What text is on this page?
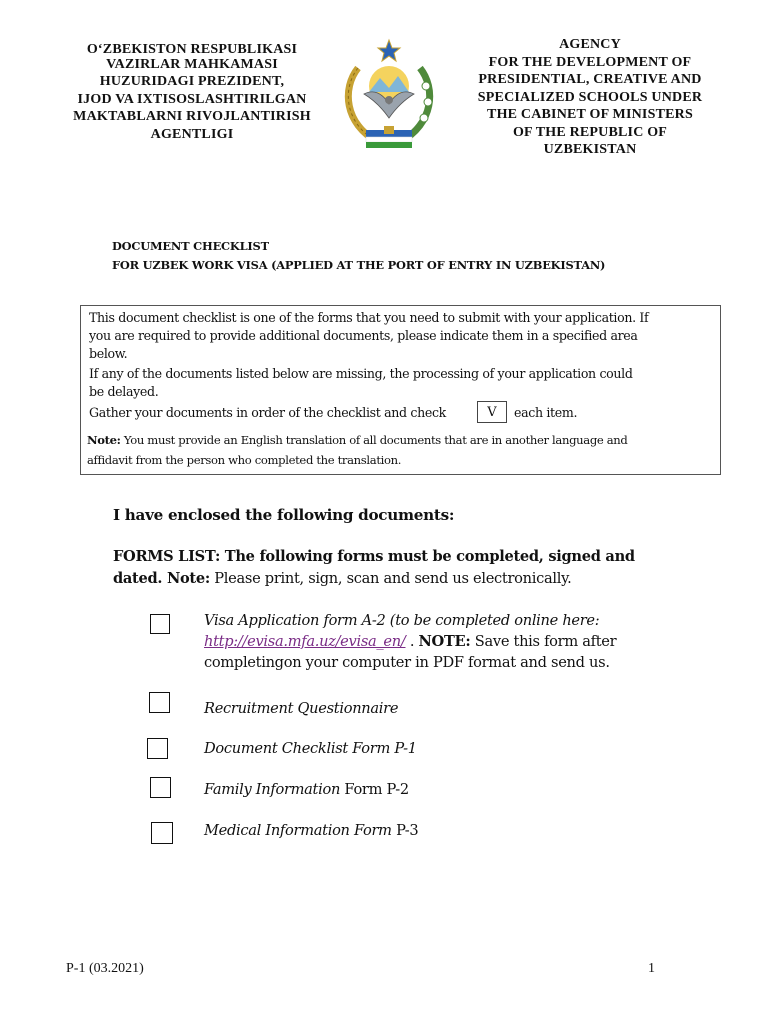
O‘ZBEKISTON RESPUBLIKASI
VAZIRLAR MAHKAMASI
HUZURIDAGI PREZIDENT,
IJOD VA IXTISOSLASHTIRILGAN
MAKTABLARNI RIVOJLANTIRISH
AGENTLIGI
AGENCY
FOR THE DEVELOPMENT OF
PRESIDENTIAL, CREATIVE AND
SPECIALIZED SCHOOLS UNDER
THE CABINET OF MINISTERS
OF THE REPUBLIC OF
UZBEKISTAN
DOCUMENT CHECKLIST
FOR UZBEK WORK VISA (APPLIED AT THE PORT OF ENTRY IN UZBEKISTAN)
This document checklist is one of the forms that you need to submit with your application. If
you are required to provide additional documents, please indicate them in a specified area
below.
If any of the documents listed below are missing, the processing of your application could
be delayed.
Gather your documents in order of the checklist and check	V	each item.
Note: You must provide an English translation of all documents that are in another language and
affidavit from the person who completed the translation.
I have enclosed the following documents:
FORMS LIST: The following forms must be completed, signed and
dated. Note: Please print, sign, scan and send us electronically.
Visa Application form A-2 (to be completed online here:
http://evisa.mfa.uz/evisa_en/ . NOTE: Save this form after
completingon your computer in PDF format and send us.
Recruitment Questionnaire
Document Checklist Form P-1
Family Information Form P-2
Medical Information Form P-3
P-1 (03.2021)	1
